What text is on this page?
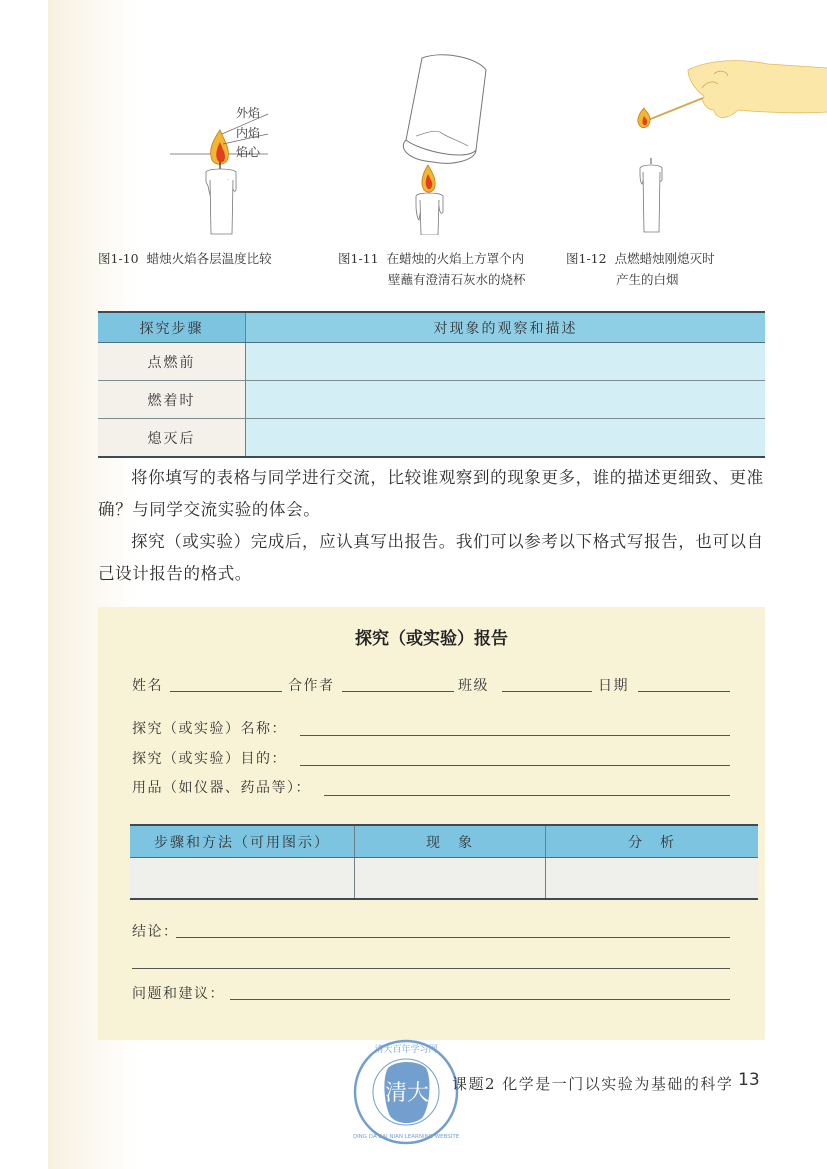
外焰
内焰
焰心
图1-10 蜡烛火焰各层温度比较	图1-11 在蜡烛的火焰上方罩个内
壁蘸有澄清石灰水的烧杯
图1-12 点燃蜡烛刚熄灭时
产生的白烟
探究步骤	对现象的观察和描述
点燃前	
燃着时	
熄灭后	

将你填写的表格与同学进行交流，比较谁观察到的现象更多，谁的描述更细致、更准确？与同学交流实验的体会。

探究（或实验）完成后，应认真写出报告。我们可以参考以下格式写报告，也可以自己设计报告的格式。

探究（或实验）报告
姓名	合作者	班级	日期
探究（或实验）名称：
探究（或实验）目的：
用品（如仪器、药品等）：
结论：
问题和建议：
步骤和方法（可用图示）	现　象	分　析

清大
清大百年学习网
QING DA BAI NIAN LEARNING WEBSITE
课题2 化学是一门以实验为基础的科学 13
